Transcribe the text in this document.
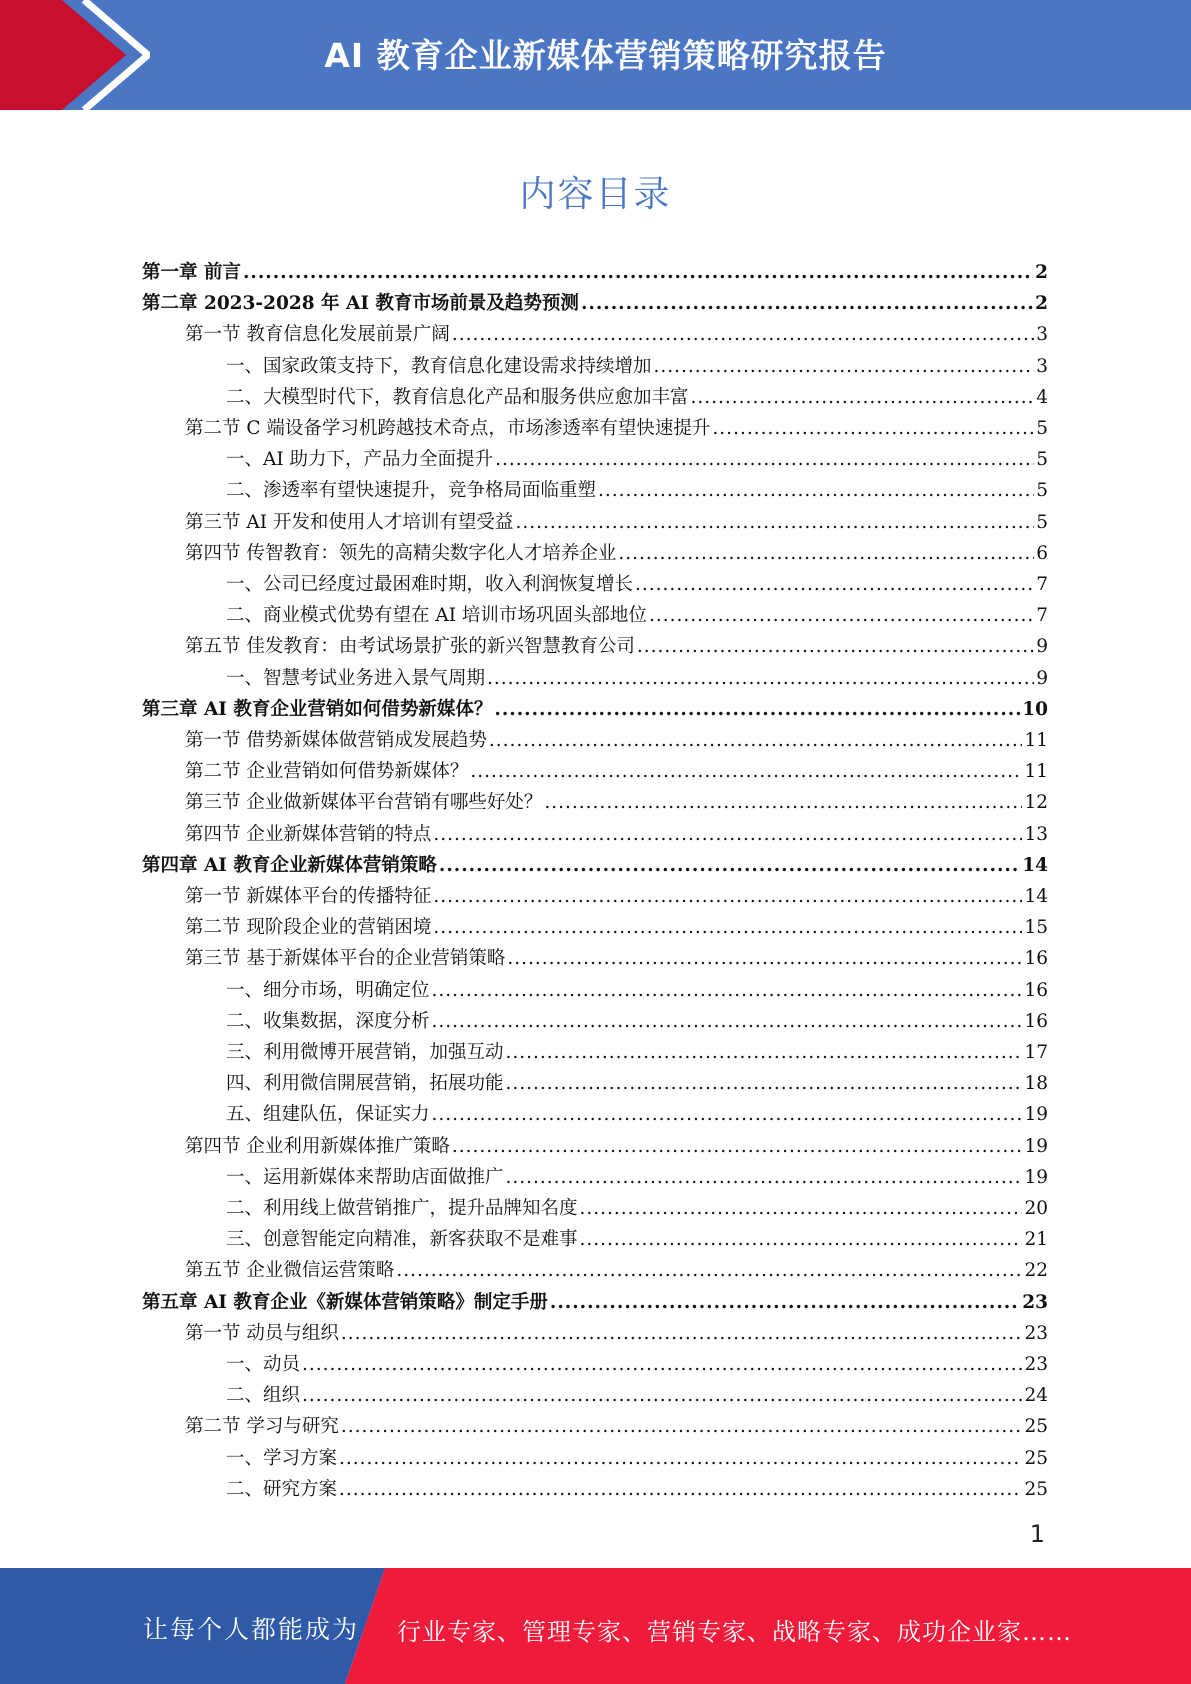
AI 教育企业新媒体营销策略研究报告
内容目录
第一章 前言 .....	2
第二章 2023-2028 年 AI 教育市场前景及趋势预测 .....	2
第一节 教育信息化发展前景广阔 .....	3
一、国家政策支持下，教育信息化建设需求持续增加 .....	3
二、大模型时代下，教育信息化产品和服务供应愈加丰富 .....	4
第二节 C 端设备学习机跨越技术奇点，市场渗透率有望快速提升 .....	5
一、AI 助力下，产品力全面提升 .....	5
二、渗透率有望快速提升，竞争格局面临重塑 .....	5
第三节 AI 开发和使用人才培训有望受益 .....	5
第四节 传智教育：领先的高精尖数字化人才培养企业 .....	6
一、公司已经度过最困难时期，收入利润恢复增长 .....	7
二、商业模式优势有望在 AI 培训市场巩固头部地位 .....	7
第五节 佳发教育：由考试场景扩张的新兴智慧教育公司 .....	9
一、智慧考试业务进入景气周期 .....	9
第三章 AI 教育企业营销如何借势新媒体？ .....	10
第一节 借势新媒体做营销成发展趋势 .....	11
第二节 企业营销如何借势新媒体？ .....	11
第三节 企业做新媒体平台营销有哪些好处？ .....	12
第四节 企业新媒体营销的特点 .....	13
第四章 AI 教育企业新媒体营销策略 .....	14
第一节 新媒体平台的传播特征 .....	14
第二节 现阶段企业的营销困境 .....	15
第三节 基于新媒体平台的企业营销策略 .....	16
一、细分市场，明确定位 .....	16
二、收集数据，深度分析 .....	16
三、利用微博开展营销，加强互动 .....	17
四、利用微信開展营销，拓展功能 .....	18
五、组建队伍，保证实力 .....	19
第四节 企业利用新媒体推广策略 .....	19
一、运用新媒体来帮助店面做推广 .....	19
二、利用线上做营销推广，提升品牌知名度 .....	20
三、创意智能定向精准，新客获取不是难事 .....	21
第五节 企业微信运营策略 .....	22
第五章 AI 教育企业《新媒体营销策略》制定手册 .....	23
第一节 动员与组织 .....	23
一、动员 .....	23
二、组织 .....	24
第二节 学习与研究 .....	25
一、学习方案 .....	25
二、研究方案 .....	25
1
让每个人都能成为 行业专家、管理专家、营销专家、战略专家、成功企业家……
